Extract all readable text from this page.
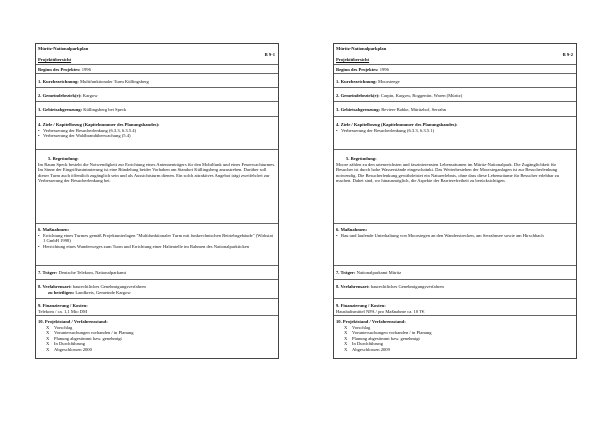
Müritz-Nationalparkplan
B 9-1
Projektübersicht
Beginn des Projektes: 1996
1. Kurzbezeichnung: Multifunktionaler Turm Küllingsberg
2. Gemeindebezirk(e): Kargow
3. Gebietsabgrenzung: Küllingsberg bei Speck
4. Ziele / Kapitelbezug (Kapitelnummer des Planungsbandes):
• Verbesserung der Besucherlenkung (6.3.3, 6.3.5.4)
• Verbesserung der Waldbrandüberwachung (5.4)
5. Begründung:
Im Raum Speck besteht die Notwendigkeit zur Errichtung eines Antennenträgers für den Mobilfunk und eines Feuerwachturmes. Im Sinne der Eingriffsminimierung ist eine Bündelung beider Vorhaben am Standort Küllingsberg anzustreben. Darüber soll dieser Turm auch öffentlich zugänglich sein und als Aussichtsturm dienen. Ein solch attraktives Angebot trägt zweifelsfrei zur Verbesserung der Besucherlenkung bei.
6. Maßnahmen:
• Errichtung eines Turmes gemäß Projektunterlagen "Multifunktionaler Turm mit funkrechnischen Betriebsgebäude" (Wirkstat 1 GmbH 1998)
• Herrichtung eines Wanderweges zum Turm und Errichtung einer Halteatelle im Rahmen des Nationalparkticken
7. Träger: Deutsche Telekom, Nationalparkamt
8. Verfahrensart: baurechtliches Genehmigungsverfahren
zu beteiligen: Landkreis, Gemeinde Kargow
9. Finanzierung / Kosten:
Telekom / ca. 1,1 Mio DM
10. Projektstand / Verfahrensstand:
X	Vorschlag
X	Voruntersuchungen vorhanden / in Planung
X	Planung abgestimmt bzw. genehmigt
X	In Durchführung
X	Abgeschlossen 2000
Müritz-Nationalparkplan
B 9-2
Projektübersicht
Beginn des Projektes: 1996
1. Kurzbezeichnung: Moorsteege
2. Gemeindebezirk(e): Carpin, Kargow, Roggentin, Waren (Müritz)
3. Gebietsabgrenzung: Reviere Babke, Müritzhof, Serrahn
4. Ziele / Kapitelbezug (Kapitelnummer des Planungsbandes):
• Verbesserung der Besucherlenkung (6.3.3, 6.3.5.1)
5. Begründung:
Moore zählen zu den artenreichsten und faszinierensten Lebensräumen im Müritz-Nationalpark. Die Zugänglichkeit für Besucher ist durch hohe Wasserstände eingeschränkt. Das Weiterbestehen der Moorsteganlagen ist zur Besucherlenkung notwendig. Die Besucherlenkung gewährleistet ein Naturerlebnis, ohne dass diese Lebensräume für Besucher erlebbar zu machen. Dabei sind, wo hinausmöglich, die Aspekte der Barrierefreiheit zu berücksichtigen.
6. Maßnahmen:
• Bau und laufende Unterhaltung von Moorstegen an den Wanderstrecken, am Serrahnsee sowie am Hirschbach
7. Träger: Nationalparkamt Müritz
8. Verfahrensart: baurechtliches Genehmigungsverfahren
9. Finanzierung / Kosten:
Haushaltsmittel NPA / pro Maßnahme ca. 10 T€
10. Projektstand / Verfahrensstand:
X	Vorschlag
X	Voruntersuchungen vorhanden / in Planung
X	Planung abgestimmt bzw. genehmigt
X	In Durchführung
X	Abgeschlossen 2009
